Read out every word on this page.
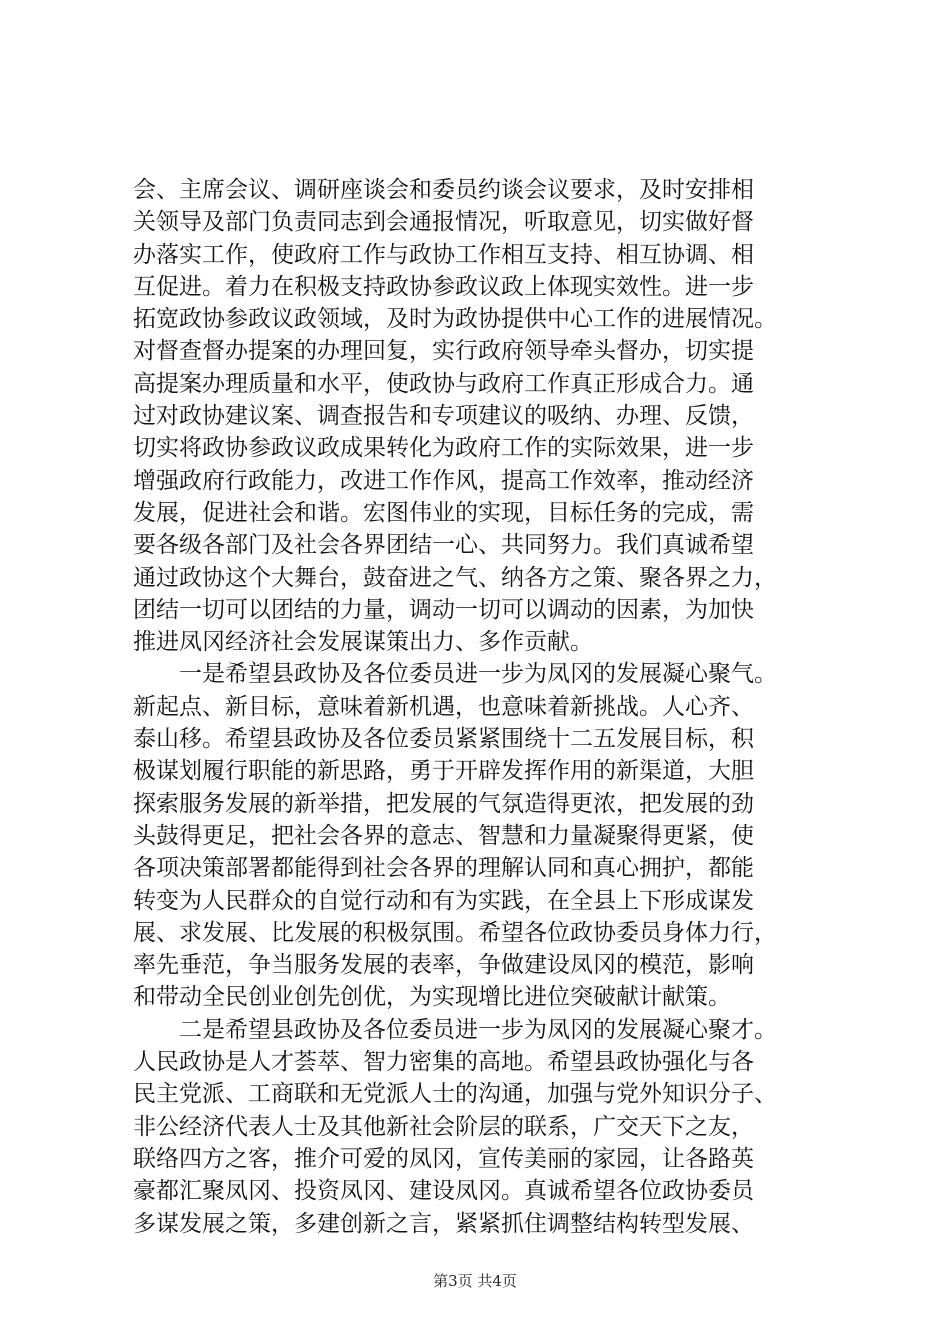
会、主席会议、调研座谈会和委员约谈会议要求，及时安排相
关领导及部门负责同志到会通报情况，听取意见，切实做好督
办落实工作，使政府工作与政协工作相互支持、相互协调、相
互促进。着力在积极支持政协参政议政上体现实效性。进一步
拓宽政协参政议政领域，及时为政协提供中心工作的进展情况。
对督查督办提案的办理回复，实行政府领导牵头督办，切实提
高提案办理质量和水平，使政协与政府工作真正形成合力。通
过对政协建议案、调查报告和专项建议的吸纳、办理、反馈，
切实将政协参政议政成果转化为政府工作的实际效果，进一步
增强政府行政能力，改进工作作风，提高工作效率，推动经济
发展，促进社会和谐。宏图伟业的实现，目标任务的完成，需
要各级各部门及社会各界团结一心、共同努力。我们真诚希望
通过政协这个大舞台，鼓奋进之气、纳各方之策、聚各界之力，
团结一切可以团结的力量，调动一切可以调动的因素，为加快
推进凤冈经济社会发展谋策出力、多作贡献。
一是希望县政协及各位委员进一步为凤冈的发展凝心聚气。
新起点、新目标，意味着新机遇，也意味着新挑战。人心齐、
泰山移。希望县政协及各位委员紧紧围绕十二五发展目标，积
极谋划履行职能的新思路，勇于开辟发挥作用的新渠道，大胆
探索服务发展的新举措，把发展的气氛造得更浓，把发展的劲
头鼓得更足，把社会各界的意志、智慧和力量凝聚得更紧，使
各项决策部署都能得到社会各界的理解认同和真心拥护，都能
转变为人民群众的自觉行动和有为实践，在全县上下形成谋发
展、求发展、比发展的积极氛围。希望各位政协委员身体力行，
率先垂范，争当服务发展的表率，争做建设凤冈的模范，影响
和带动全民创业创先创优，为实现增比进位突破献计献策。
二是希望县政协及各位委员进一步为凤冈的发展凝心聚才。
人民政协是人才荟萃、智力密集的高地。希望县政协强化与各
民主党派、工商联和无党派人士的沟通，加强与党外知识分子、
非公经济代表人士及其他新社会阶层的联系，广交天下之友，
联络四方之客，推介可爱的凤冈，宣传美丽的家园，让各路英
豪都汇聚凤冈、投资凤冈、建设凤冈。真诚希望各位政协委员
多谋发展之策，多建创新之言，紧紧抓住调整结构转型发展、
第3页 共4页
